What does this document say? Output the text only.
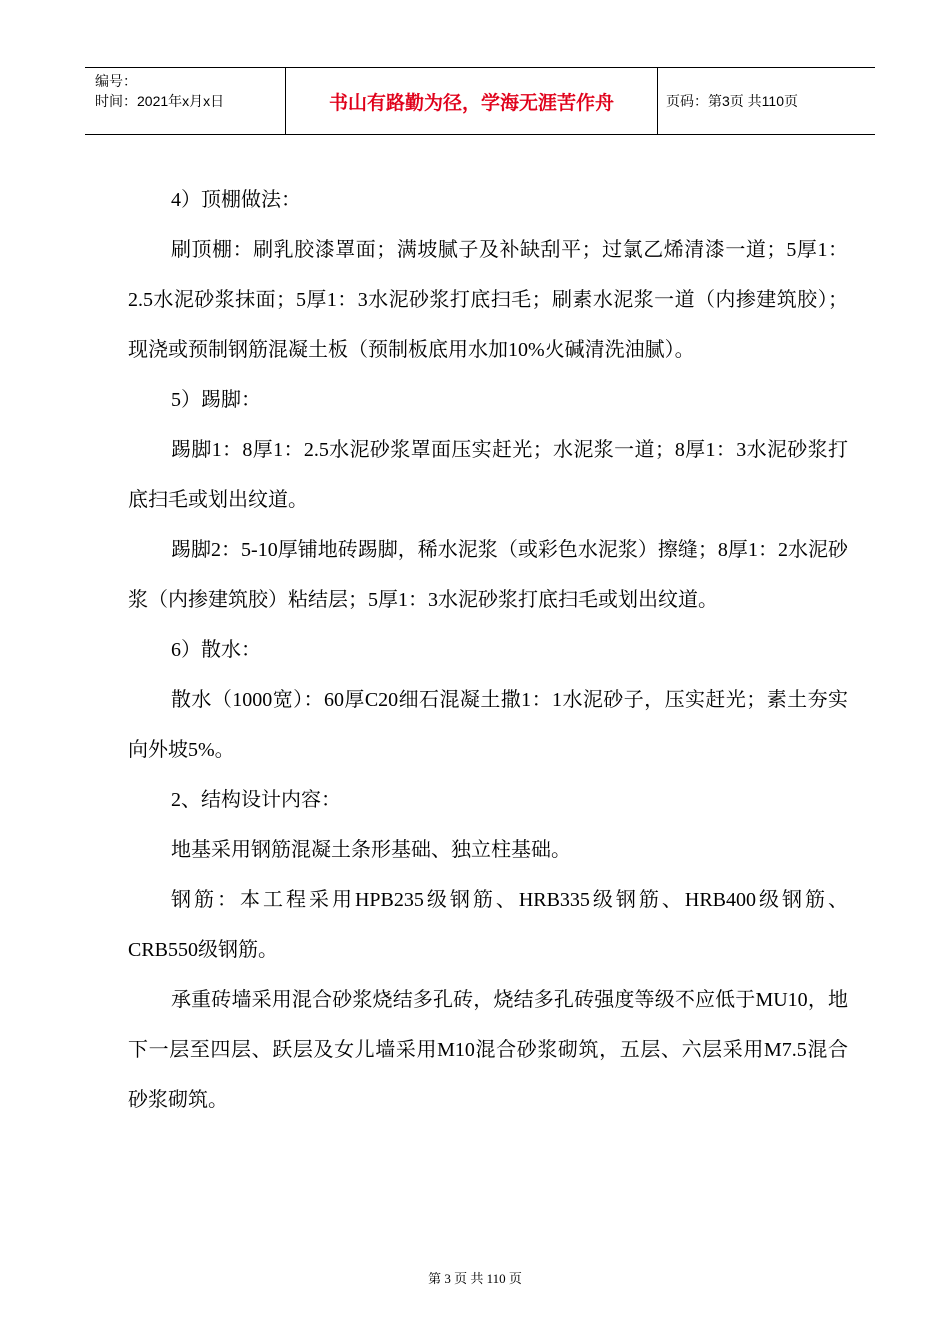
编号：
时间：2021年x月x日	书山有路勤为径，学海无涯苦作舟	页码：第3页 共110页

4）顶棚做法：

刷顶棚：刷乳胶漆罩面；满坡腻子及补缺刮平；过氯乙烯清漆一道；5厚1：2.5水泥砂浆抹面；5厚1：3水泥砂浆打底扫毛；刷素水泥浆一道（内掺建筑胶）；现浇或预制钢筋混凝土板（预制板底用水加10%火碱清洗油腻）。

5）踢脚：

踢脚1：8厚1：2.5水泥砂浆罩面压实赶光；水泥浆一道；8厚1：3水泥砂浆打底扫毛或划出纹道。

踢脚2：5-10厚铺地砖踢脚，稀水泥浆（或彩色水泥浆）擦缝；8厚1：2水泥砂浆（内掺建筑胶）粘结层；5厚1：3水泥砂浆打底扫毛或划出纹道。

6）散水：

散水（1000宽）：60厚C20细石混凝土撒1：1水泥砂子，压实赶光；素土夯实向外坡5%。

2、结构设计内容：

地基采用钢筋混凝土条形基础、独立柱基础。

钢筋：本工程采用HPB235级钢筋、HRB335级钢筋、HRB400级钢筋、CRB550级钢筋。

承重砖墙采用混合砂浆烧结多孔砖，烧结多孔砖强度等级不应低于MU10，地下一层至四层、跃层及女儿墙采用M10混合砂浆砌筑，五层、六层采用M7.5混合砂浆砌筑。

第 3 页 共 110 页
